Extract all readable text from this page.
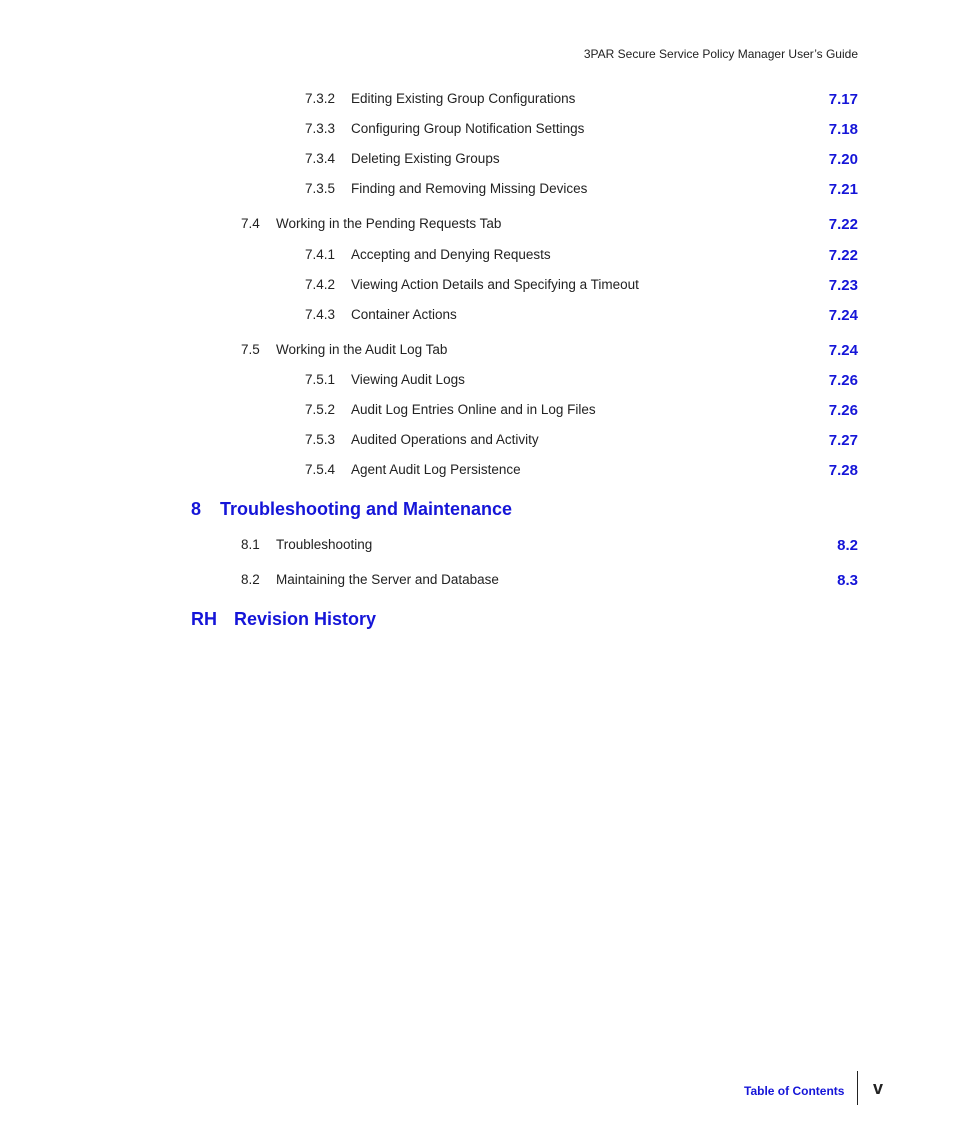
3PAR Secure Service Policy Manager User’s Guide
7.3.2 Editing Existing Group Configurations	7.17
7.3.3 Configuring Group Notification Settings	7.18
7.3.4 Deleting Existing Groups	7.20
7.3.5 Finding and Removing Missing Devices	7.21
7.4 Working in the Pending Requests Tab	7.22
7.4.1 Accepting and Denying Requests	7.22
7.4.2 Viewing Action Details and Specifying a Timeout	7.23
7.4.3 Container Actions	7.24
7.5 Working in the Audit Log Tab	7.24
7.5.1 Viewing Audit Logs	7.26
7.5.2 Audit Log Entries Online and in Log Files	7.26
7.5.3 Audited Operations and Activity	7.27
7.5.4 Agent Audit Log Persistence	7.28
8 Troubleshooting and Maintenance
8.1 Troubleshooting	8.2
8.2 Maintaining the Server and Database	8.3
RH Revision History
Table of Contents v
